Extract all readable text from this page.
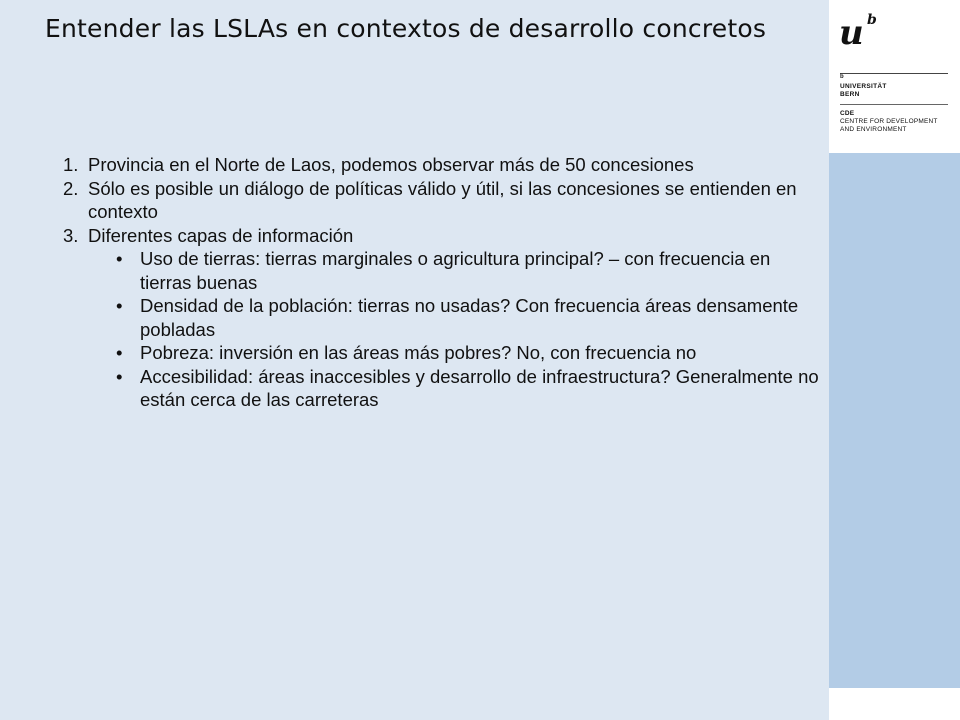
Entender las LSLAs en contextos de desarrollo concretos u b
b
UNIVERSITÄT
BERN
CDE
CENTRE FOR DEVELOPMENT
AND ENVIRONMENT

1. Provincia en el Norte de Laos, podemos observar más de 50 concesiones

2. Sólo es posible un diálogo de políticas válido y útil, si las concesiones se entienden en contexto

3. Diferentes capas de información

• Uso de tierras: tierras marginales o agricultura principal? – con frecuencia en tierras buenas

• Densidad de la población: tierras no usadas? Con frecuencia áreas densamente pobladas

• Pobreza: inversión en las áreas más pobres? No, con frecuencia no

• Accesibilidad: áreas inaccesibles y desarrollo de infraestructura? Generalmente no están cerca de las carreteras
